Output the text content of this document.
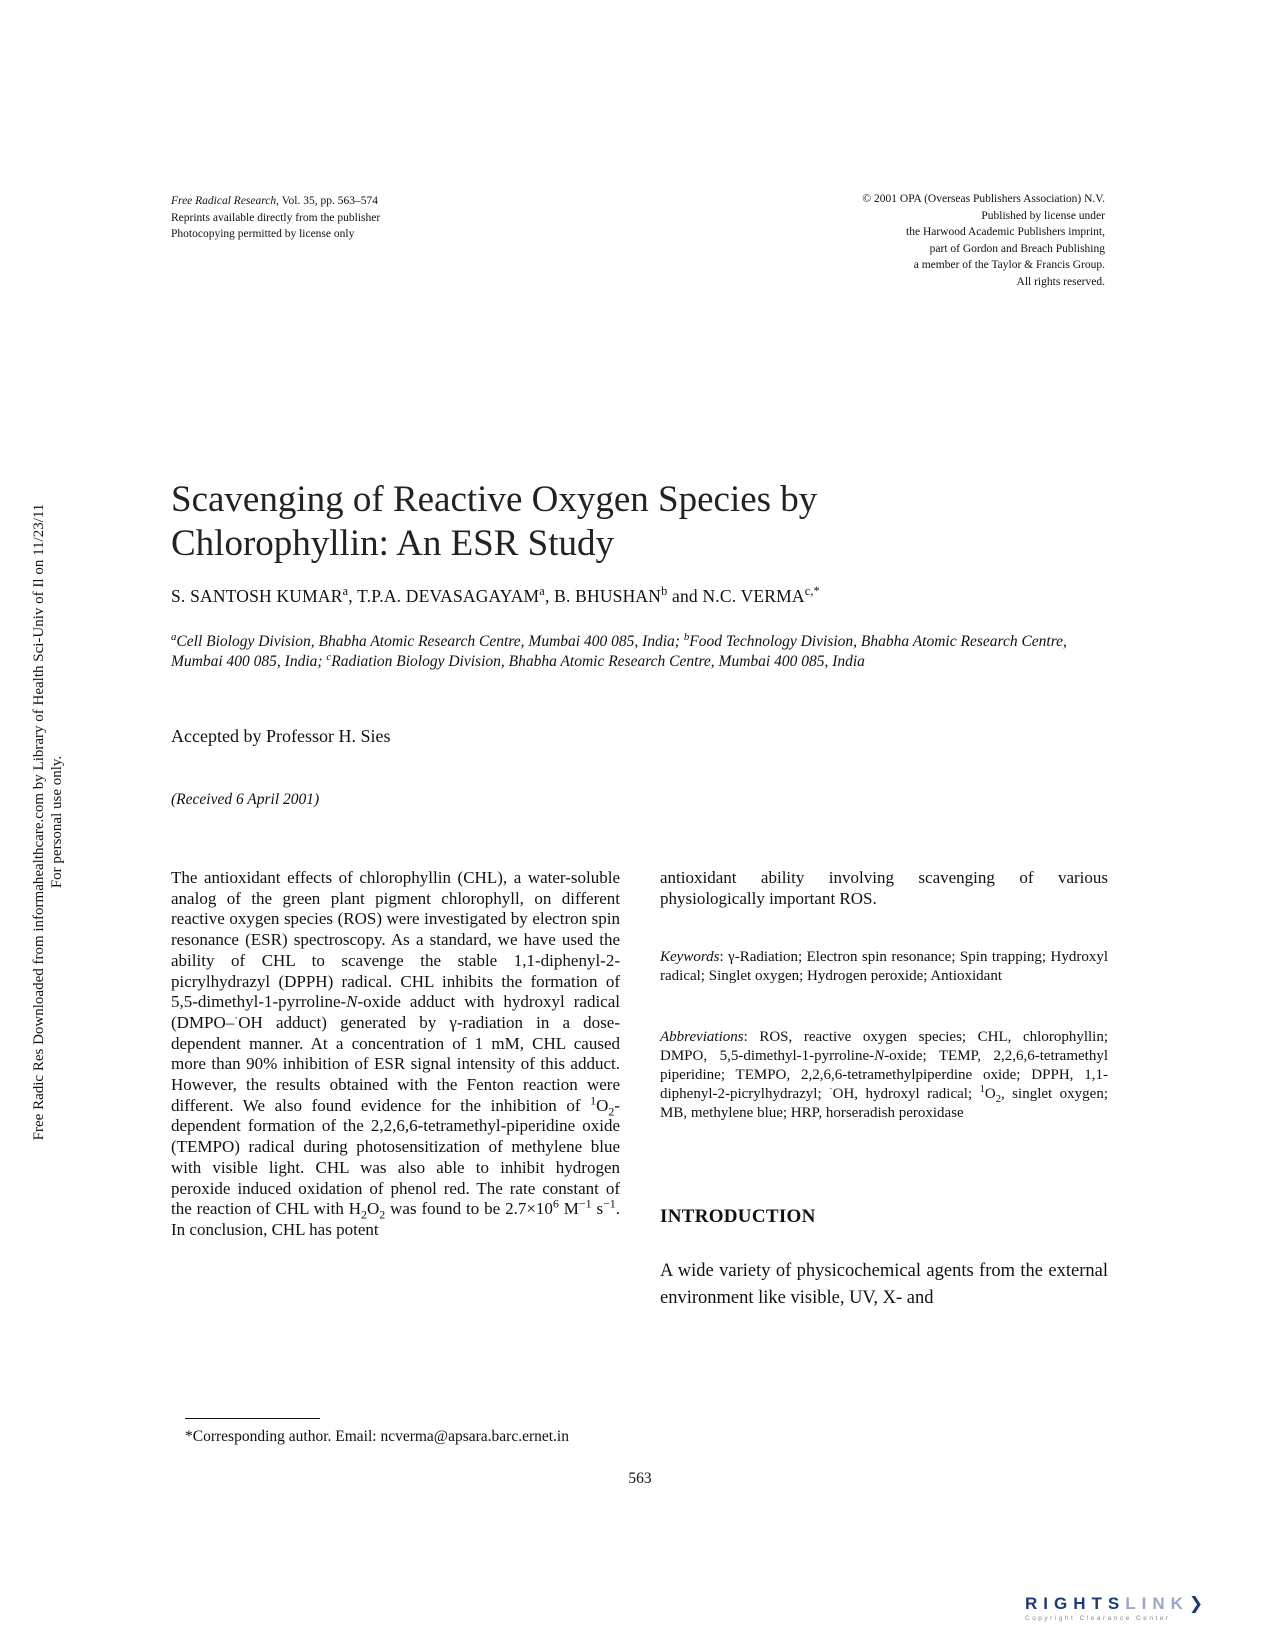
Free Radical Research, Vol. 35, pp. 563–574
Reprints available directly from the publisher
Photocopying permitted by license only
© 2001 OPA (Overseas Publishers Association) N.V.
Published by license under
the Harwood Academic Publishers imprint,
part of Gordon and Breach Publishing
a member of the Taylor & Francis Group.
All rights reserved.
Free Radic Res Downloaded from informahealthcare.com by Library of Health Sci-Univ of Il on 11/23/11 For personal use only.
Scavenging of Reactive Oxygen Species by
Chlorophyllin: An ESR Study
S. SANTOSH KUMAR$^a$, T.P.A. DEVASAGAYAM$^a$, B. BHUSHAN$^b$ and N.C. $VERMA^{c,*}$
$^a$Cell Biology Division, Bhabha Atomic Research Centre, Mumbai 400 085, India; $^b$Food Technology Division, Bhabha Atomic Research Centre, Mumbai 400 085, India; $^c$Radiation Biology Division, Bhabha Atomic Research Centre, Mumbai 400 085, India
Accepted by Professor H. Sies
(Received 6 April 2001)
The antioxidant effects of chlorophyllin (CHL), a water-soluble analog of the green plant pigment chlorophyll, on different reactive oxygen species (ROS) were investigated by electron spin resonance (ESR) spectroscopy. As a standard, we have used the ability of CHL to scavenge the stable 1,1-diphenyl-2-picrylhydrazyl (DPPH) radical. CHL inhibits the formation of 5,5-dimethyl-1-pyrroline-N-oxide adduct with hydroxyl radical (DMPO–·OH adduct) generated by γ-radiation in a dose-dependent manner. At a concentration of 1 mM, CHL caused more than 90% inhibition of ESR signal intensity of this adduct. However, the results obtained with the Fenton reaction were different. We also found evidence for the inhibition of $^1O_2$-dependent formation of the 2,2,6,6-tetramethyl-piperidine oxide (TEMPO) radical during photosensitization of methylene blue with visible light. CHL was also able to inhibit hydrogen peroxide induced oxidation of phenol red. The rate constant of the reaction of CHL with $H_2O_2$ was found to be $2.7\times 10^6$ $M^{-1}$ $s^{-1}$. In conclusion, CHL has potent
antioxidant ability involving scavenging of various physiologically important ROS.
Keywords: γ-Radiation; Electron spin resonance; Spin trapping; Hydroxyl radical; Singlet oxygen; Hydrogen peroxide; Antioxidant
Abbreviations: ROS, reactive oxygen species; CHL, chlorophyllin; DMPO, 5,5-dimethyl-1-pyrroline-N-oxide; TEMP, 2,2,6,6-tetramethyl piperidine; TEMPO, 2,2,6,6-tetramethylpiperdine oxide; DPPH, 1,1-diphenyl-2-picrylhydrazyl; ·OH, hydroxyl radical; $^1O_2$, singlet oxygen; MB, methylene blue; HRP, horseradish peroxidase
INTRODUCTION
A wide variety of physicochemical agents from the external environment like visible, UV, X- and
*Corresponding author. Email: ncverma@apsara.barc.ernet.in
563
RIGHTSLINK❯
Copyright Clearance Center
